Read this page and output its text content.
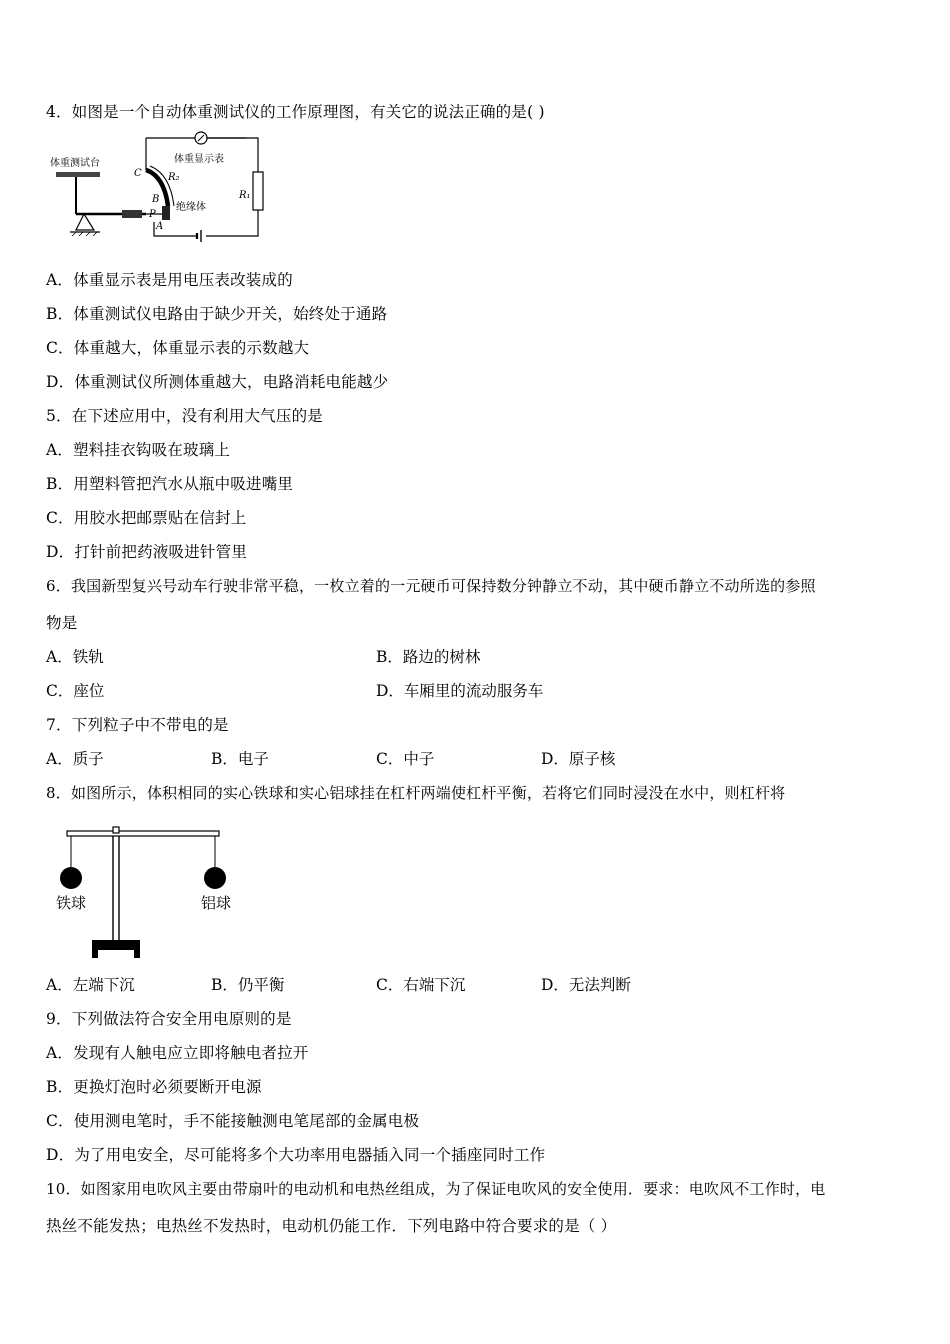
4．如图是一个自动体重测试仪的工作原理图，有关它的说法正确的是( )
体重测试台	体重显示表
绝缘体
C	R₂
B
P
A
R₁
A．体重显示表是用电压表改装成的
B．体重测试仪电路由于缺少开关，始终处于通路
C．体重越大，体重显示表的示数越大
D．体重测试仪所测体重越大，电路消耗电能越少
5．在下述应用中，没有利用大气压的是
A．塑料挂衣钩吸在玻璃上
B．用塑料管把汽水从瓶中吸进嘴里
C．用胶水把邮票贴在信封上
D．打针前把药液吸进针管里
6．我国新型复兴号动车行驶非常平稳，一枚立着的一元硬币可保持数分钟静立不动，其中硬币静立不动所选的参照
物是
A．铁轨	B．路边的树林
C．座位	D．车厢里的流动服务车
7．下列粒子中不带电的是
A．质子	B．电子	C．中子	D．原子核
8．如图所示，体积相同的实心铁球和实心铝球挂在杠杆两端使杠杆平衡，若将它们同时浸没在水中，则杠杆将
铁球	铝球
A．左端下沉	B．仍平衡	C．右端下沉	D．无法判断
9．下列做法符合安全用电原则的是
A．发现有人触电应立即将触电者拉开
B．更换灯泡时必须要断开电源
C．使用测电笔时，手不能接触测电笔尾部的金属电极
D．为了用电安全，尽可能将多个大功率用电器插入同一个插座同时工作
10．如图家用电吹风主要由带扇叶的电动机和电热丝组成，为了保证电吹风的安全使用．要求：电吹风不工作时，电
热丝不能发热；电热丝不发热时，电动机仍能工作．下列电路中符合要求的是（ ）
